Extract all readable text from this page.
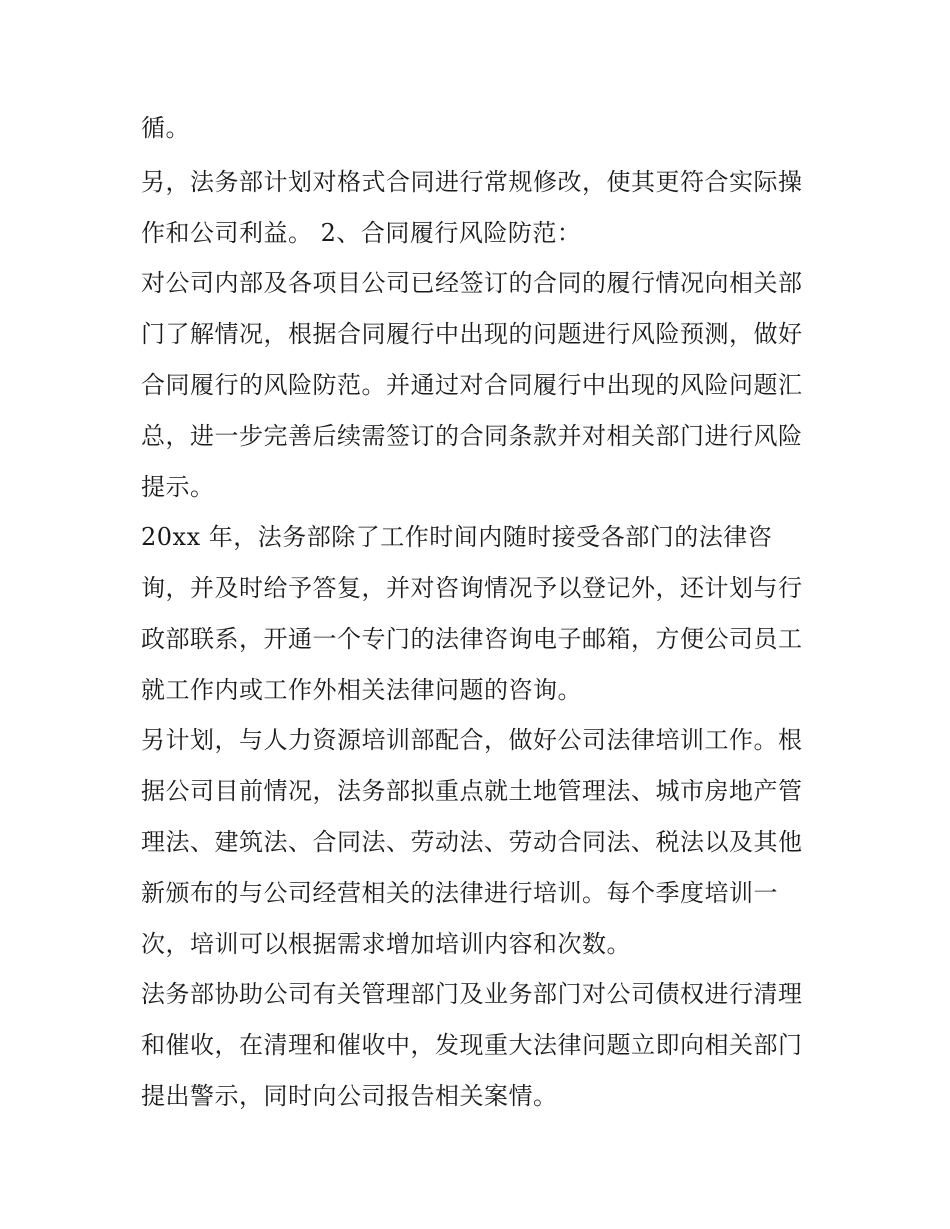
循。
另，法务部计划对格式合同进行常规修改，使其更符合实际操
作和公司利益。 2、合同履行风险防范：
对公司内部及各项目公司已经签订的合同的履行情况向相关部
门了解情况，根据合同履行中出现的问题进行风险预测，做好
合同履行的风险防范。并通过对合同履行中出现的风险问题汇
总，进一步完善后续需签订的合同条款并对相关部门进行风险
提示。
20xx 年，法务部除了工作时间内随时接受各部门的法律咨
询，并及时给予答复，并对咨询情况予以登记外，还计划与行
政部联系，开通一个专门的法律咨询电子邮箱，方便公司员工
就工作内或工作外相关法律问题的咨询。
另计划，与人力资源培训部配合，做好公司法律培训工作。根
据公司目前情况，法务部拟重点就土地管理法、城市房地产管
理法、建筑法、合同法、劳动法、劳动合同法、税法以及其他
新颁布的与公司经营相关的法律进行培训。每个季度培训一
次，培训可以根据需求增加培训内容和次数。
法务部协助公司有关管理部门及业务部门对公司债权进行清理
和催收，在清理和催收中，发现重大法律问题立即向相关部门
提出警示，同时向公司报告相关案情。
